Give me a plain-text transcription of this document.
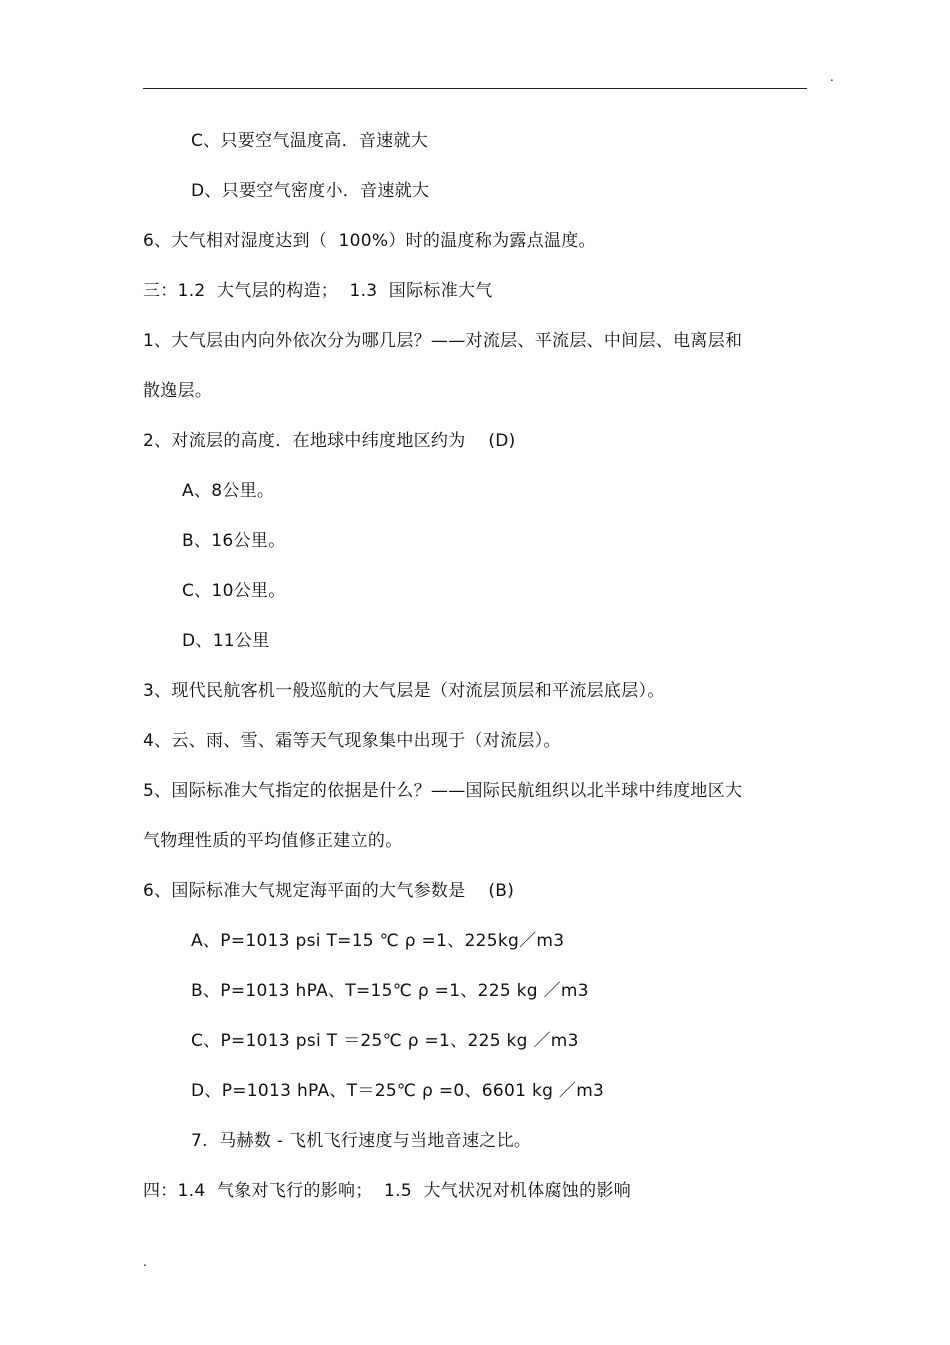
.
C、只要空气温度高．音速就大
D、只要空气密度小．音速就大
6、大气相对湿度达到（  100%）时的温度称为露点温度。
三：1.2  大气层的构造；  1.3  国际标准大气
1、大气层由内向外依次分为哪几层？——对流层、平流层、中间层、电离层和
散逸层。
2、对流层的高度．在地球中纬度地区约为    (D)
A、8公里。
B、16公里。
C、10公里。
D、11公里
3、现代民航客机一般巡航的大气层是（对流层顶层和平流层底层）。
4、云、雨、雪、霜等天气现象集中出现于（对流层）。
5、国际标准大气指定的依据是什么？——国际民航组织以北半球中纬度地区大
气物理性质的平均值修正建立的。
6、国际标准大气规定海平面的大气参数是    (B)
A、P=1013 psi T=15 ℃ ρ =1、225kg／m3
B、P=1013 hPA、T=15℃ ρ =1、225 kg ／m3
C、P=1013 psi T ＝25℃ ρ =1、225 kg ／m3
D、P=1013 hPA、T＝25℃ ρ =0、6601 kg ／m3
7.  马赫数 - 飞机飞行速度与当地音速之比。
四：1.4  气象对飞行的影响；  1.5  大气状况对机体腐蚀的影响
.
